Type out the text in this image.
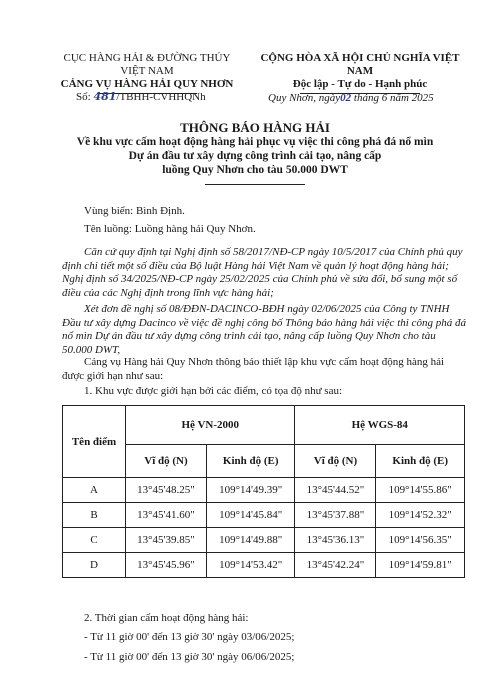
CỤC HÀNG HẢI & ĐƯỜNG THỦY
VIỆT NAM
CẢNG VỤ HÀNG HẢI QUY NHƠN
CỘNG HÒA XÃ HỘI CHỦ NGHĨA VIỆT NAM
Độc lập - Tự do - Hạnh phúc
Số: 481/TBHH-CVHHQNh	Quy Nhơn, ngày02 tháng 6 năm 2025
THÔNG BÁO HÀNG HẢI
Về khu vực cấm hoạt động hàng hải phục vụ việc thi công phá đá nổ mìn
Dự án đầu tư xây dựng công trình cải tạo, nâng cấp
luồng Quy Nhơn cho tàu 50.000 DWT
Vùng biển: Bình Định.
Tên luồng: Luồng hàng hải Quy Nhơn.
Căn cứ quy định tại Nghị định số 58/2017/NĐ-CP ngày 10/5/2017 của Chính phủ quy định chi tiết một số điều của Bộ luật Hàng hải Việt Nam về quản lý hoạt động hàng hải; Nghị định số 34/2025/NĐ-CP ngày 25/02/2025 của Chính phủ về sửa đổi, bổ sung một số điều của các Nghị định trong lĩnh vực hàng hải;
Xét đơn đề nghị số 08/ĐĐN-DACINCO-BĐH ngày 02/06/2025 của Công ty TNHH Đầu tư xây dựng Dacinco về việc đề nghị công bố Thông báo hàng hải việc thi công phá đá nổ mìn Dự án đầu tư xây dựng công trình cải tạo, nâng cấp luồng Quy Nhơn cho tàu 50.000 DWT,
Cảng vụ Hàng hải Quy Nhơn thông báo thiết lập khu vực cấm hoạt động hàng hải được giới hạn như sau:
1. Khu vực được giới hạn bởi các điểm, có tọa độ như sau:
Tên điểm	Hệ VN-2000		Hệ WGS-84	
	Vĩ độ (N)	Kinh độ (E)	Vĩ độ (N)	Kinh độ (E)
A	13°45'48.25"	109°14'49.39"	13°45'44.52"	109°14'55.86"
B	13°45'41.60"	109°14'45.84"	13°45'37.88"	109°14'52.32"
C	13°45'39.85"	109°14'49.88"	13°45'36.13"	109°14'56.35"
D	13°45'45.96"	109°14'53.42"	13°45'42.24"	109°14'59.81"
2. Thời gian cấm hoạt động hàng hải:
- Từ 11 giờ 00' đến 13 giờ 30' ngày 03/06/2025;
- Từ 11 giờ 00' đến 13 giờ 30' ngày 06/06/2025;
